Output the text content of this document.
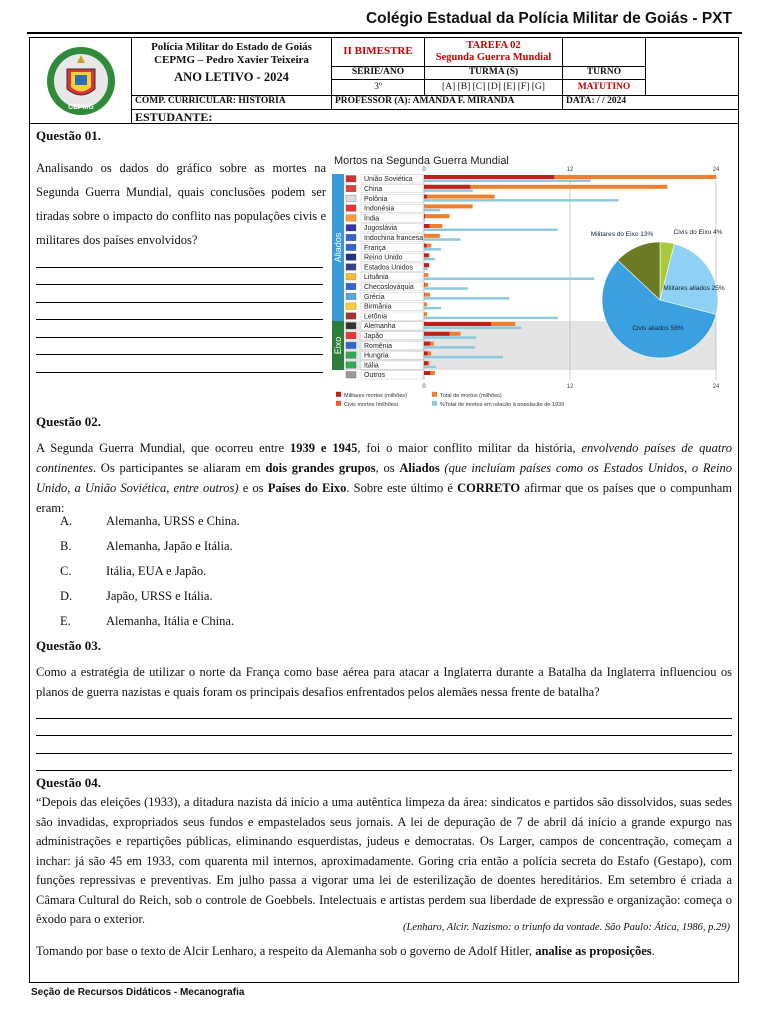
Colégio Estadual da Polícia Militar de Goiás - PXT
CEPMG
Polícia Militar do Estado de Goiás
CEPMG – Pedro Xavier Teixeira
ANO LETIVO - 2024
II BIMESTRE	TAREFA 02
Segunda Guerra Mundial
SERIE/ANO	TURMA (S)	TURNO
3º	[A] [B] [C] [D] [E] [F] [G]	MATUTINO
COMP. CURRICULAR: HISTORIA	PROFESSOR (A): AMANDA F. MIRANDA	DATA: / / 2024
ESTUDANTE:
Questão 01.

Analisando os dados do gráfico sobre as mortes na Segunda Guerra Mundial, quais conclusões podem ser tiradas sobre o impacto do conflito nas populações civis e militares dos países envolvidos?

Mortos na Segunda Guerra Mundial
Aliados
Eixo
0
0
12
12
24
24
União Soviética
China
Polônia
Indonésia
Índia
Jugoslávia
Indochina francesa
França
Reino Unido
Estados Unidos
Lituânia
Checoslováquia
Grécia
Birmânia
Letônia
Alemanha
Japão
Romênia
Hungria
Itália
Outros
Civis aliados 58%
Militares aliados 25%
Civis do Eixo 4%
Militares do Eixo 13%
Militares mortos (milhões)	Total de mortos (milhões)
Civis mortos (milhões)	%Total de mortos em relação à população de 1939
Questão 02.

A Segunda Guerra Mundial, que ocorreu entre 1939 e 1945, foi o maior conflito militar da história, envolvendo países de quatro continentes. Os participantes se aliaram em dois grandes grupos, os Aliados (que incluíam países como os Estados Unidos, o Reino Unido, a União Soviética, entre outros) e os Países do Eixo. Sobre este último é CORRETO afirmar que os países que o compunham eram:

A.	Alemanha, URSS e China.
B.	Alemanha, Japão e Itália.
C.	Itália, EUA e Japão.
D.	Japão, URSS e Itália.
E.	Alemanha, Itália e China.
Questão 03.

Como a estratégia de utilizar o norte da França como base aérea para atacar a Inglaterra durante a Batalha da Inglaterra influenciou os planos de guerra nazistas e quais foram os principais desafios enfrentados pelos alemães nessa frente de batalha?

Questão 04.

“Depois das eleições (1933), a ditadura nazista dá início a uma autêntica limpeza da área: sindicatos e partidos são dissolvidos, suas sedes são invadidas, expropriados seus fundos e empastelados seus jornais. A lei de depuração de 7 de abril dá início a grande expurgo nas administrações e repartições públicas, eliminando esquerdistas, judeus e democratas. Os Larger, campos de concentração, começam a inchar: já são 45 em 1933, com quarenta mil internos, aproximadamente. Goring cria então a polícia secreta do Estafo (Gestapo), com funções repressivas e preventivas. Em julho passa a vigorar uma lei de esterilização de doentes hereditários. Em setembro é criada a Câmara Cultural do Reich, sob o controle de Goebbels. Intelectuais e artistas perdem sua liberdade de expressão e organização: começa o êxodo para o exterior.

(Lenharo, Alcir. Nazismo: o triunfo da vontade. São Paulo: Ática, 1986, p.29)

Tomando por base o texto de Alcir Lenharo, a respeito da Alemanha sob o governo de Adolf Hitler, analise as proposições.

Seção de Recursos Didáticos - Mecanografia
